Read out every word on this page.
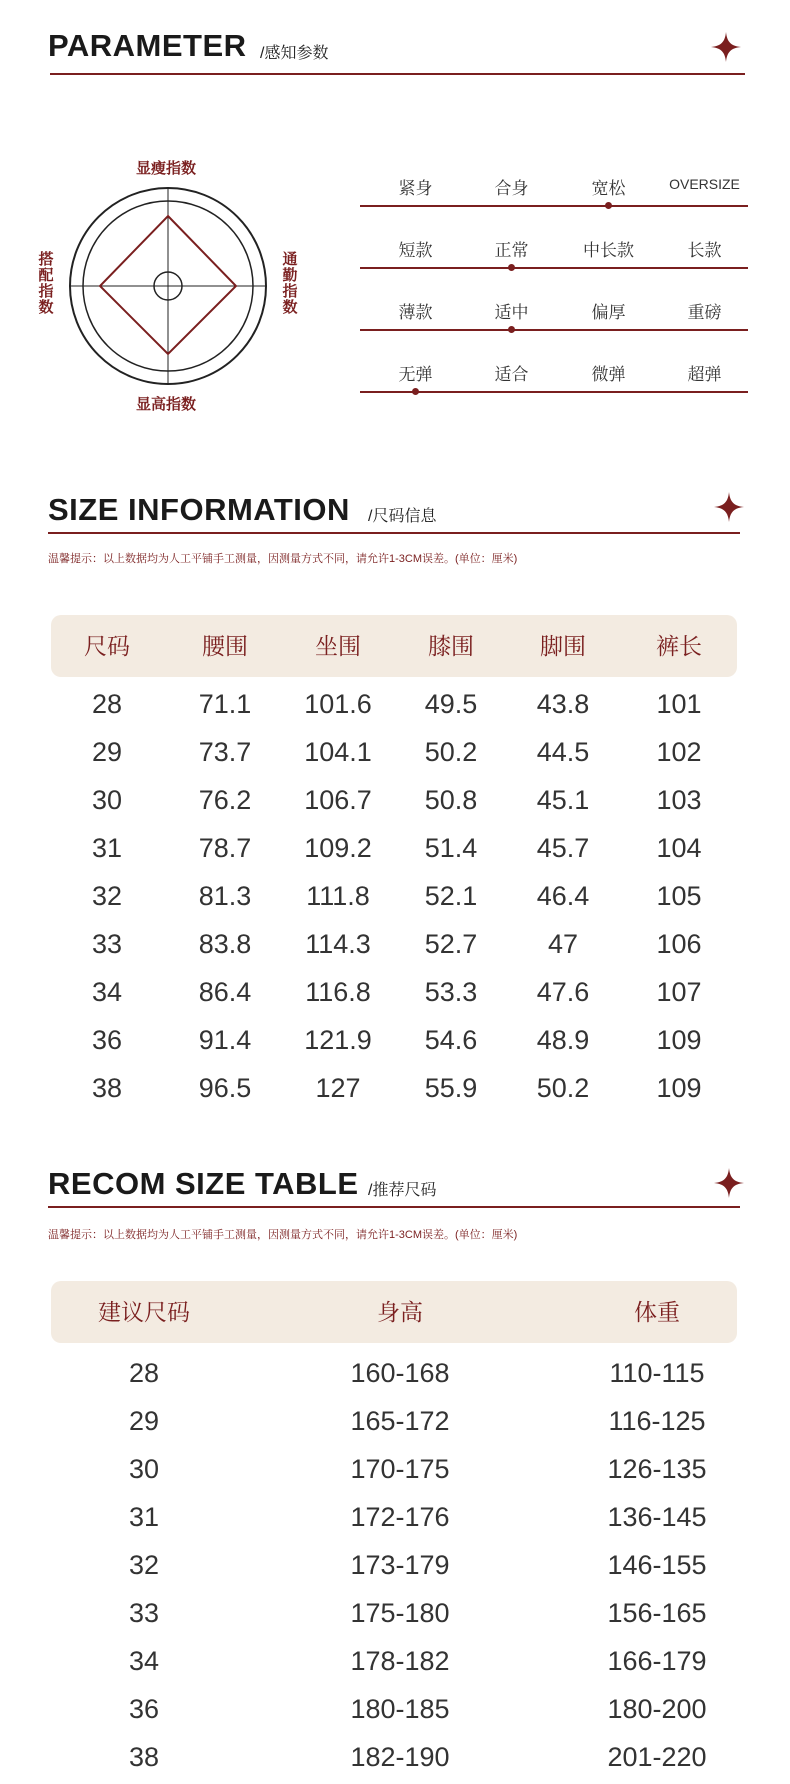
PARAMETER /感知参数
显瘦指数
显高指数
搭配指数
通勤指数
紧身	合身	宽松	OVERSIZE
短款	正常	中长款	长款
薄款	适中	偏厚	重磅
无弹	适合	微弹	超弹
SIZE INFORMATION /尺码信息
温馨提示：以上数据均为人工平铺手工测量，因测量方式不同，请允许1-3CM误差。(单位：厘米)
尺码	腰围	坐围	膝围	脚围	裤长
28	71.1	101.6	49.5	43.8	101
29	73.7	104.1	50.2	44.5	102
30	76.2	106.7	50.8	45.1	103
31	78.7	109.2	51.4	45.7	104
32	81.3	111.8	52.1	46.4	105
33	83.8	114.3	52.7	47	106
34	86.4	116.8	53.3	47.6	107
36	91.4	121.9	54.6	48.9	109
38	96.5	127	55.9	50.2	109
RECOM SIZE TABLE /推荐尺码
温馨提示：以上数据均为人工平铺手工测量，因测量方式不同，请允许1-3CM误差。(单位：厘米)
建议尺码	身高	体重
28	160-168	110-115
29	165-172	116-125
30	170-175	126-135
31	172-176	136-145
32	173-179	146-155
33	175-180	156-165
34	178-182	166-179
36	180-185	180-200
38	182-190	201-220
